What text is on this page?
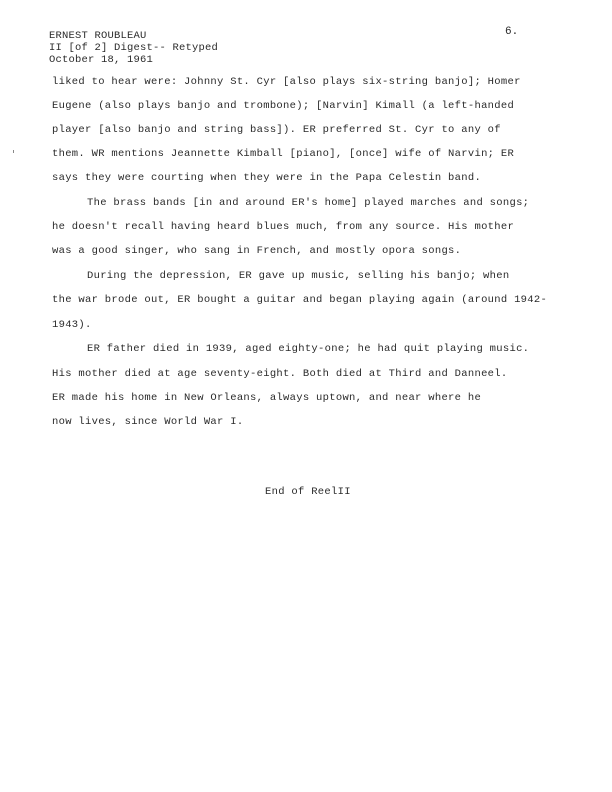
ERNEST ROUBLEAU
II [of 2] Digest-- Retyped
October 18, 1961
6.
liked to hear were: Johnny St. Cyr [also plays six-string banjo]; Homer
Eugene (also plays banjo and trombone); [Narvin] Kimall (a left-handed
player [also banjo and string bass]). ER preferred St. Cyr to any of
them. WR mentions Jeannette Kimball [piano], [once] wife of Narvin; ER
says they were courting when they were in the Papa Celestin band.
The brass bands [in and around ER's home] played marches and songs;
he doesn't recall having heard blues much, from any source. His mother
was a good singer, who sang in French, and mostly opora songs.
During the depression, ER gave up music, selling his banjo; when
the war brode out, ER bought a guitar and began playing again (around 1942-
1943).
ER father died in 1939, aged eighty-one; he had quit playing music.
His mother died at age seventy-eight. Both died at Third and Danneel.
ER made his home in New Orleans, always uptown, and near where he
now lives, since World War I.
End of ReelII
